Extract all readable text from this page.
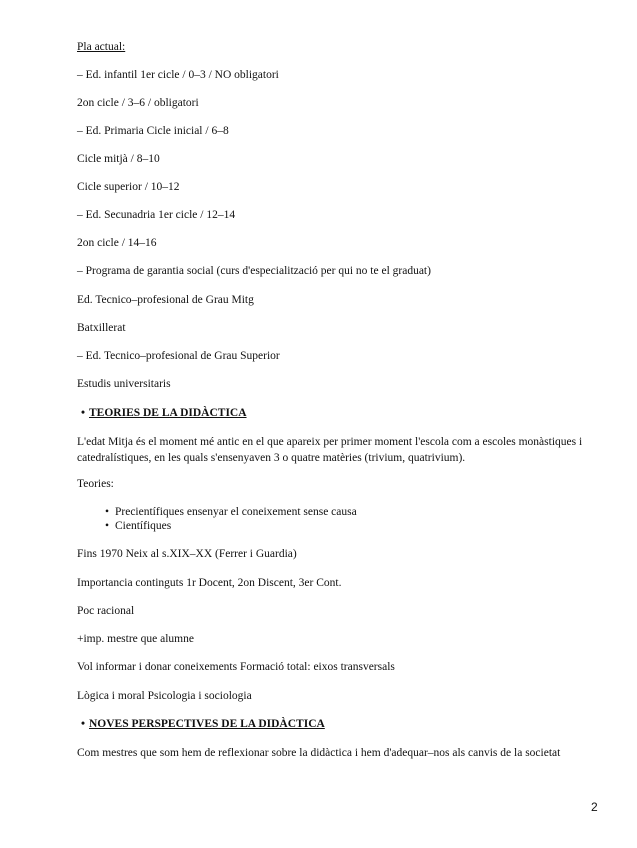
Pla actual:
– Ed. infantil 1er cicle / 0–3 / NO obligatori
2on cicle / 3–6 / obligatori
– Ed. Primaria Cicle inicial / 6–8
Cicle mitjà / 8–10
Cicle superior / 10–12
– Ed. Secunadria 1er cicle / 12–14
2on cicle / 14–16
– Programa de garantia social (curs d'especialització per qui no te el graduat)
Ed. Tecnico–profesional de Grau Mitg
Batxillerat
– Ed. Tecnico–profesional de Grau Superior
Estudis universitaris
• TEORIES DE LA DIDÀCTICA
L'edat Mitja és el moment mé antic en el que apareix per primer moment l'escola com a escoles monàstiques i catedralístiques, en les quals s'ensenyaven 3 o quatre matèries (trivium, quatrivium).
Teories:
• Precientífiques ensenyar el coneixement sense causa
• Científiques
Fins 1970 Neix al s.XIX–XX (Ferrer i Guardia)
Importancia continguts 1r Docent, 2on Discent, 3er Cont.
Poc racional
+imp. mestre que alumne
Vol informar i donar coneixements Formació total: eixos transversals
Lògica i moral Psicologia i sociologia
• NOVES PERSPECTIVES DE LA DIDÀCTICA
Com mestres que som hem de reflexionar sobre la didàctica i hem d'adequar–nos als canvis de la societat
2
